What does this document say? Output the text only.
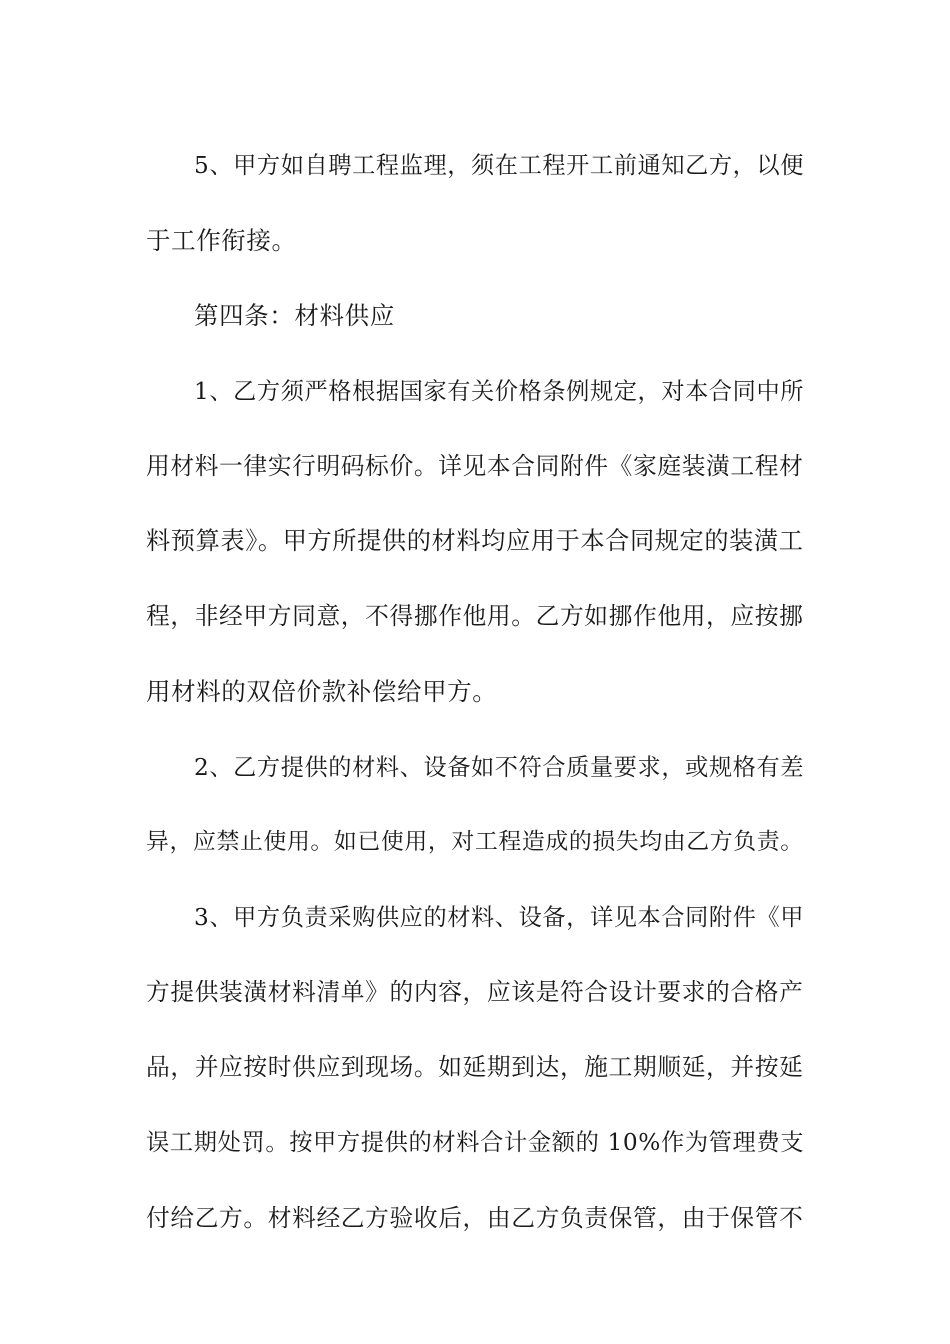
5、甲方如自聘工程监理，须在工程开工前通知乙方，以便
于工作衔接。
第四条：材料供应
1、乙方须严格根据国家有关价格条例规定，对本合同中所
用材料一律实行明码标价。详见本合同附件《家庭装潢工程材
料预算表》。甲方所提供的材料均应用于本合同规定的装潢工
程，非经甲方同意，不得挪作他用。乙方如挪作他用，应按挪
用材料的双倍价款补偿给甲方。
2、乙方提供的材料、设备如不符合质量要求，或规格有差
异，应禁止使用。如已使用，对工程造成的损失均由乙方负责。
3、甲方负责采购供应的材料、设备，详见本合同附件《甲
方提供装潢材料清单》的内容，应该是符合设计要求的合格产
品，并应按时供应到现场。如延期到达，施工期顺延，并按延
误工期处罚。按甲方提供的材料合计金额的 10%作为管理费支
付给乙方。材料经乙方验收后，由乙方负责保管，由于保管不
